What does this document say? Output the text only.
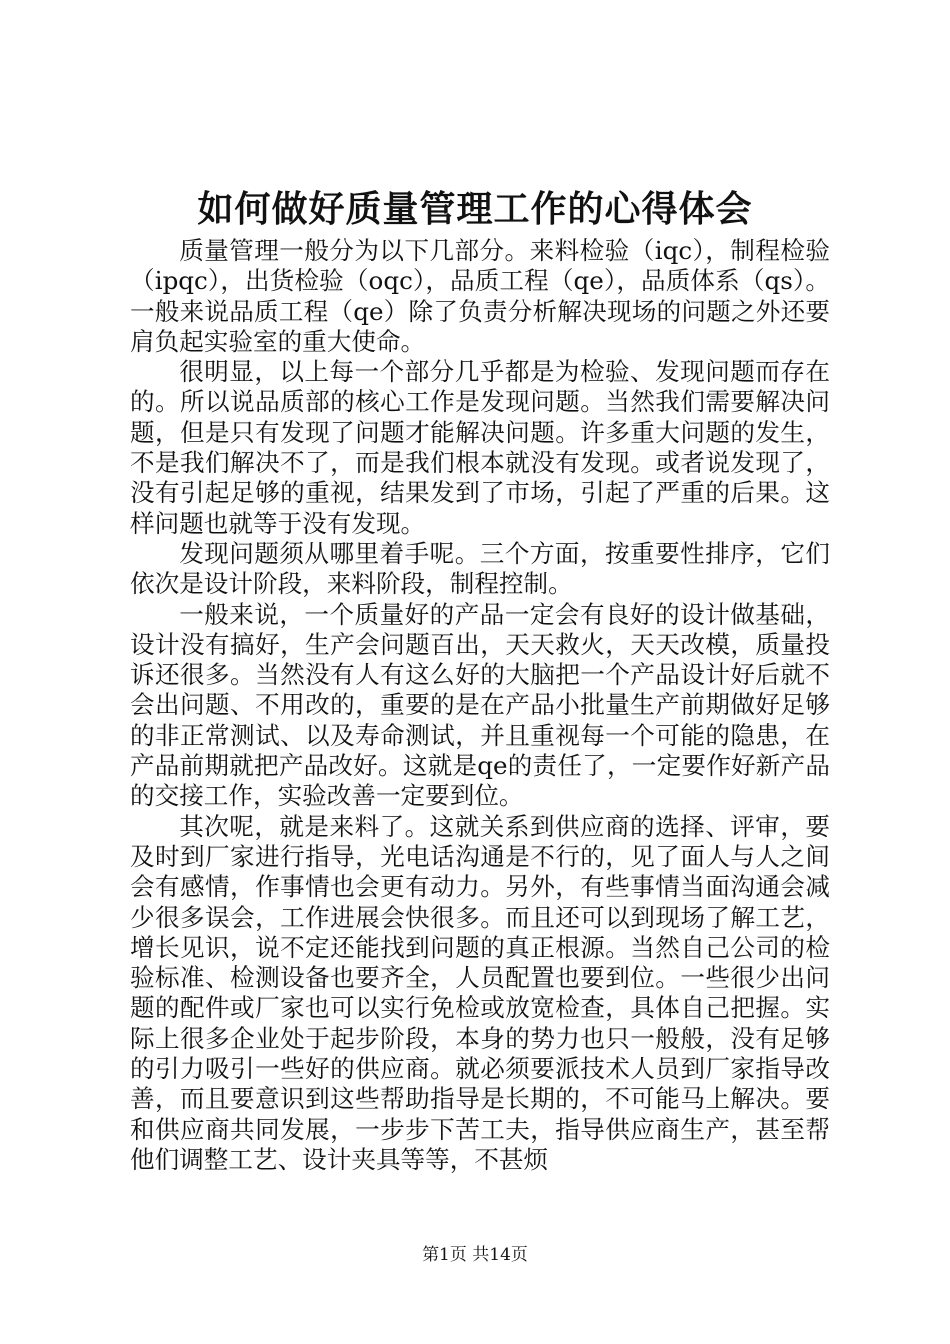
如何做好质量管理工作的心得体会

质量管理一般分为以下几部分。来料检验（iqc），制程检验（ipqc），出货检验（oqc），品质工程（qe），品质体系（qs）。一般来说品质工程（qe）除了负责分析解决现场的问题之外还要肩负起实验室的重大使命。

很明显，以上每一个部分几乎都是为检验、发现问题而存在的。所以说品质部的核心工作是发现问题。当然我们需要解决问题，但是只有发现了问题才能解决问题。许多重大问题的发生，不是我们解决不了，而是我们根本就没有发现。或者说发现了，没有引起足够的重视，结果发到了市场，引起了严重的后果。这样问题也就等于没有发现。

发现问题须从哪里着手呢。三个方面，按重要性排序，它们依次是设计阶段，来料阶段，制程控制。

一般来说，一个质量好的产品一定会有良好的设计做基础，设计没有搞好，生产会问题百出，天天救火，天天改模，质量投诉还很多。当然没有人有这么好的大脑把一个产品设计好后就不会出问题、不用改的，重要的是在产品小批量生产前期做好足够的非正常测试、以及寿命测试，并且重视每一个可能的隐患，在产品前期就把产品改好。这就是qe的责任了，一定要作好新产品的交接工作，实验改善一定要到位。

其次呢，就是来料了。这就关系到供应商的选择、评审，要及时到厂家进行指导，光电话沟通是不行的，见了面人与人之间会有感情，作事情也会更有动力。另外，有些事情当面沟通会减少很多误会，工作进展会快很多。而且还可以到现场了解工艺，增长见识，说不定还能找到问题的真正根源。当然自己公司的检验标准、检测设备也要齐全，人员配置也要到位。一些很少出问题的配件或厂家也可以实行免检或放宽检查，具体自己把握。实际上很多企业处于起步阶段，本身的势力也只一般般，没有足够的引力吸引一些好的供应商。就必须要派技术人员到厂家指导改善，而且要意识到这些帮助指导是长期的，不可能马上解决。要和供应商共同发展，一步步下苦工夫，指导供应商生产，甚至帮他们调整工艺、设计夹具等等，不甚烦

第1页 共14页
